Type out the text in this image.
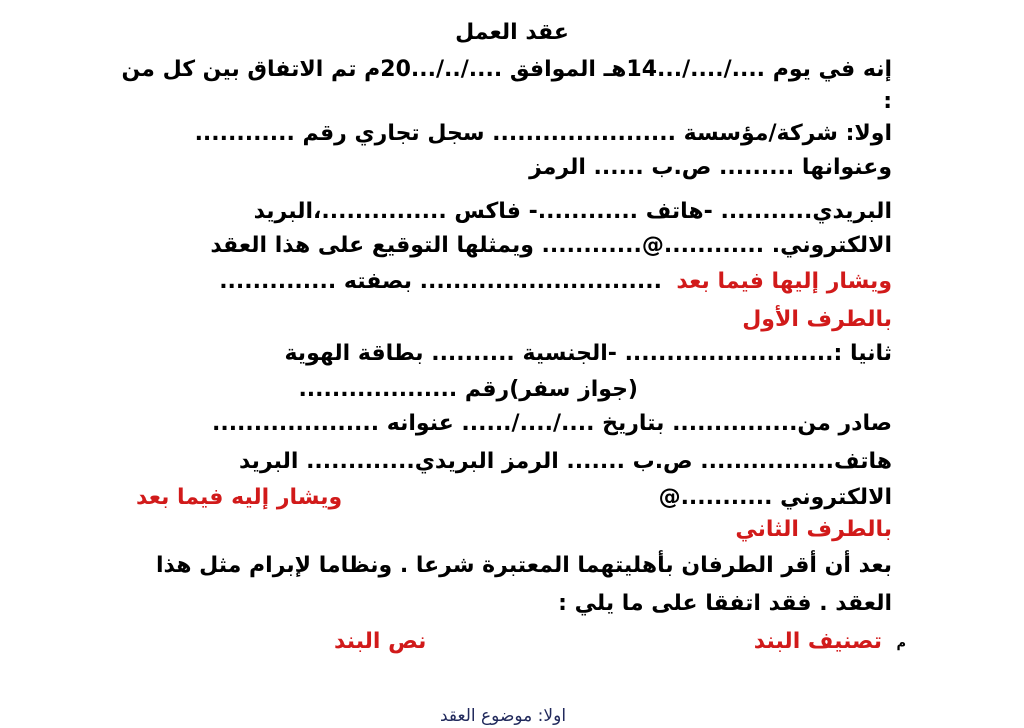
عقد العمل
إنه في يوم ..../..../...14هـ الموافق ..../../...20م تم الاتفاق بين كل من
:
اولا: شركة/مؤسسة ...................... سجل تجاري رقم ............
وعنوانها ......... ص.ب ...... الرمز
البريدي........... -هاتف ............- فاكس ...............،البريد
الالكتروني. ............@............ ويمثلها التوقيع على هذا العقد
ويشار إليها فيما بعد
............................. بصفته ..............
بالطرف الأول
ثانيا :......................... -الجنسية .......... بطاقة الهوية
(جواز سفر)رقم ...................
صادر من............... بتاريخ ..../..../...... عنوانه ....................
هاتف................ ص.ب ....... الرمز البريدي............. البريد
الالكتروني ...........@
ويشار إليه فيما بعد
بالطرف الثاني
بعد أن أقر الطرفان بأهليتهما المعتبرة شرعا . ونظاما لإبرام مثل هذا
العقد . فقد اتفقا على ما يلي :
م
تصنيف البند
نص البند
اولا: موضوع العقد
